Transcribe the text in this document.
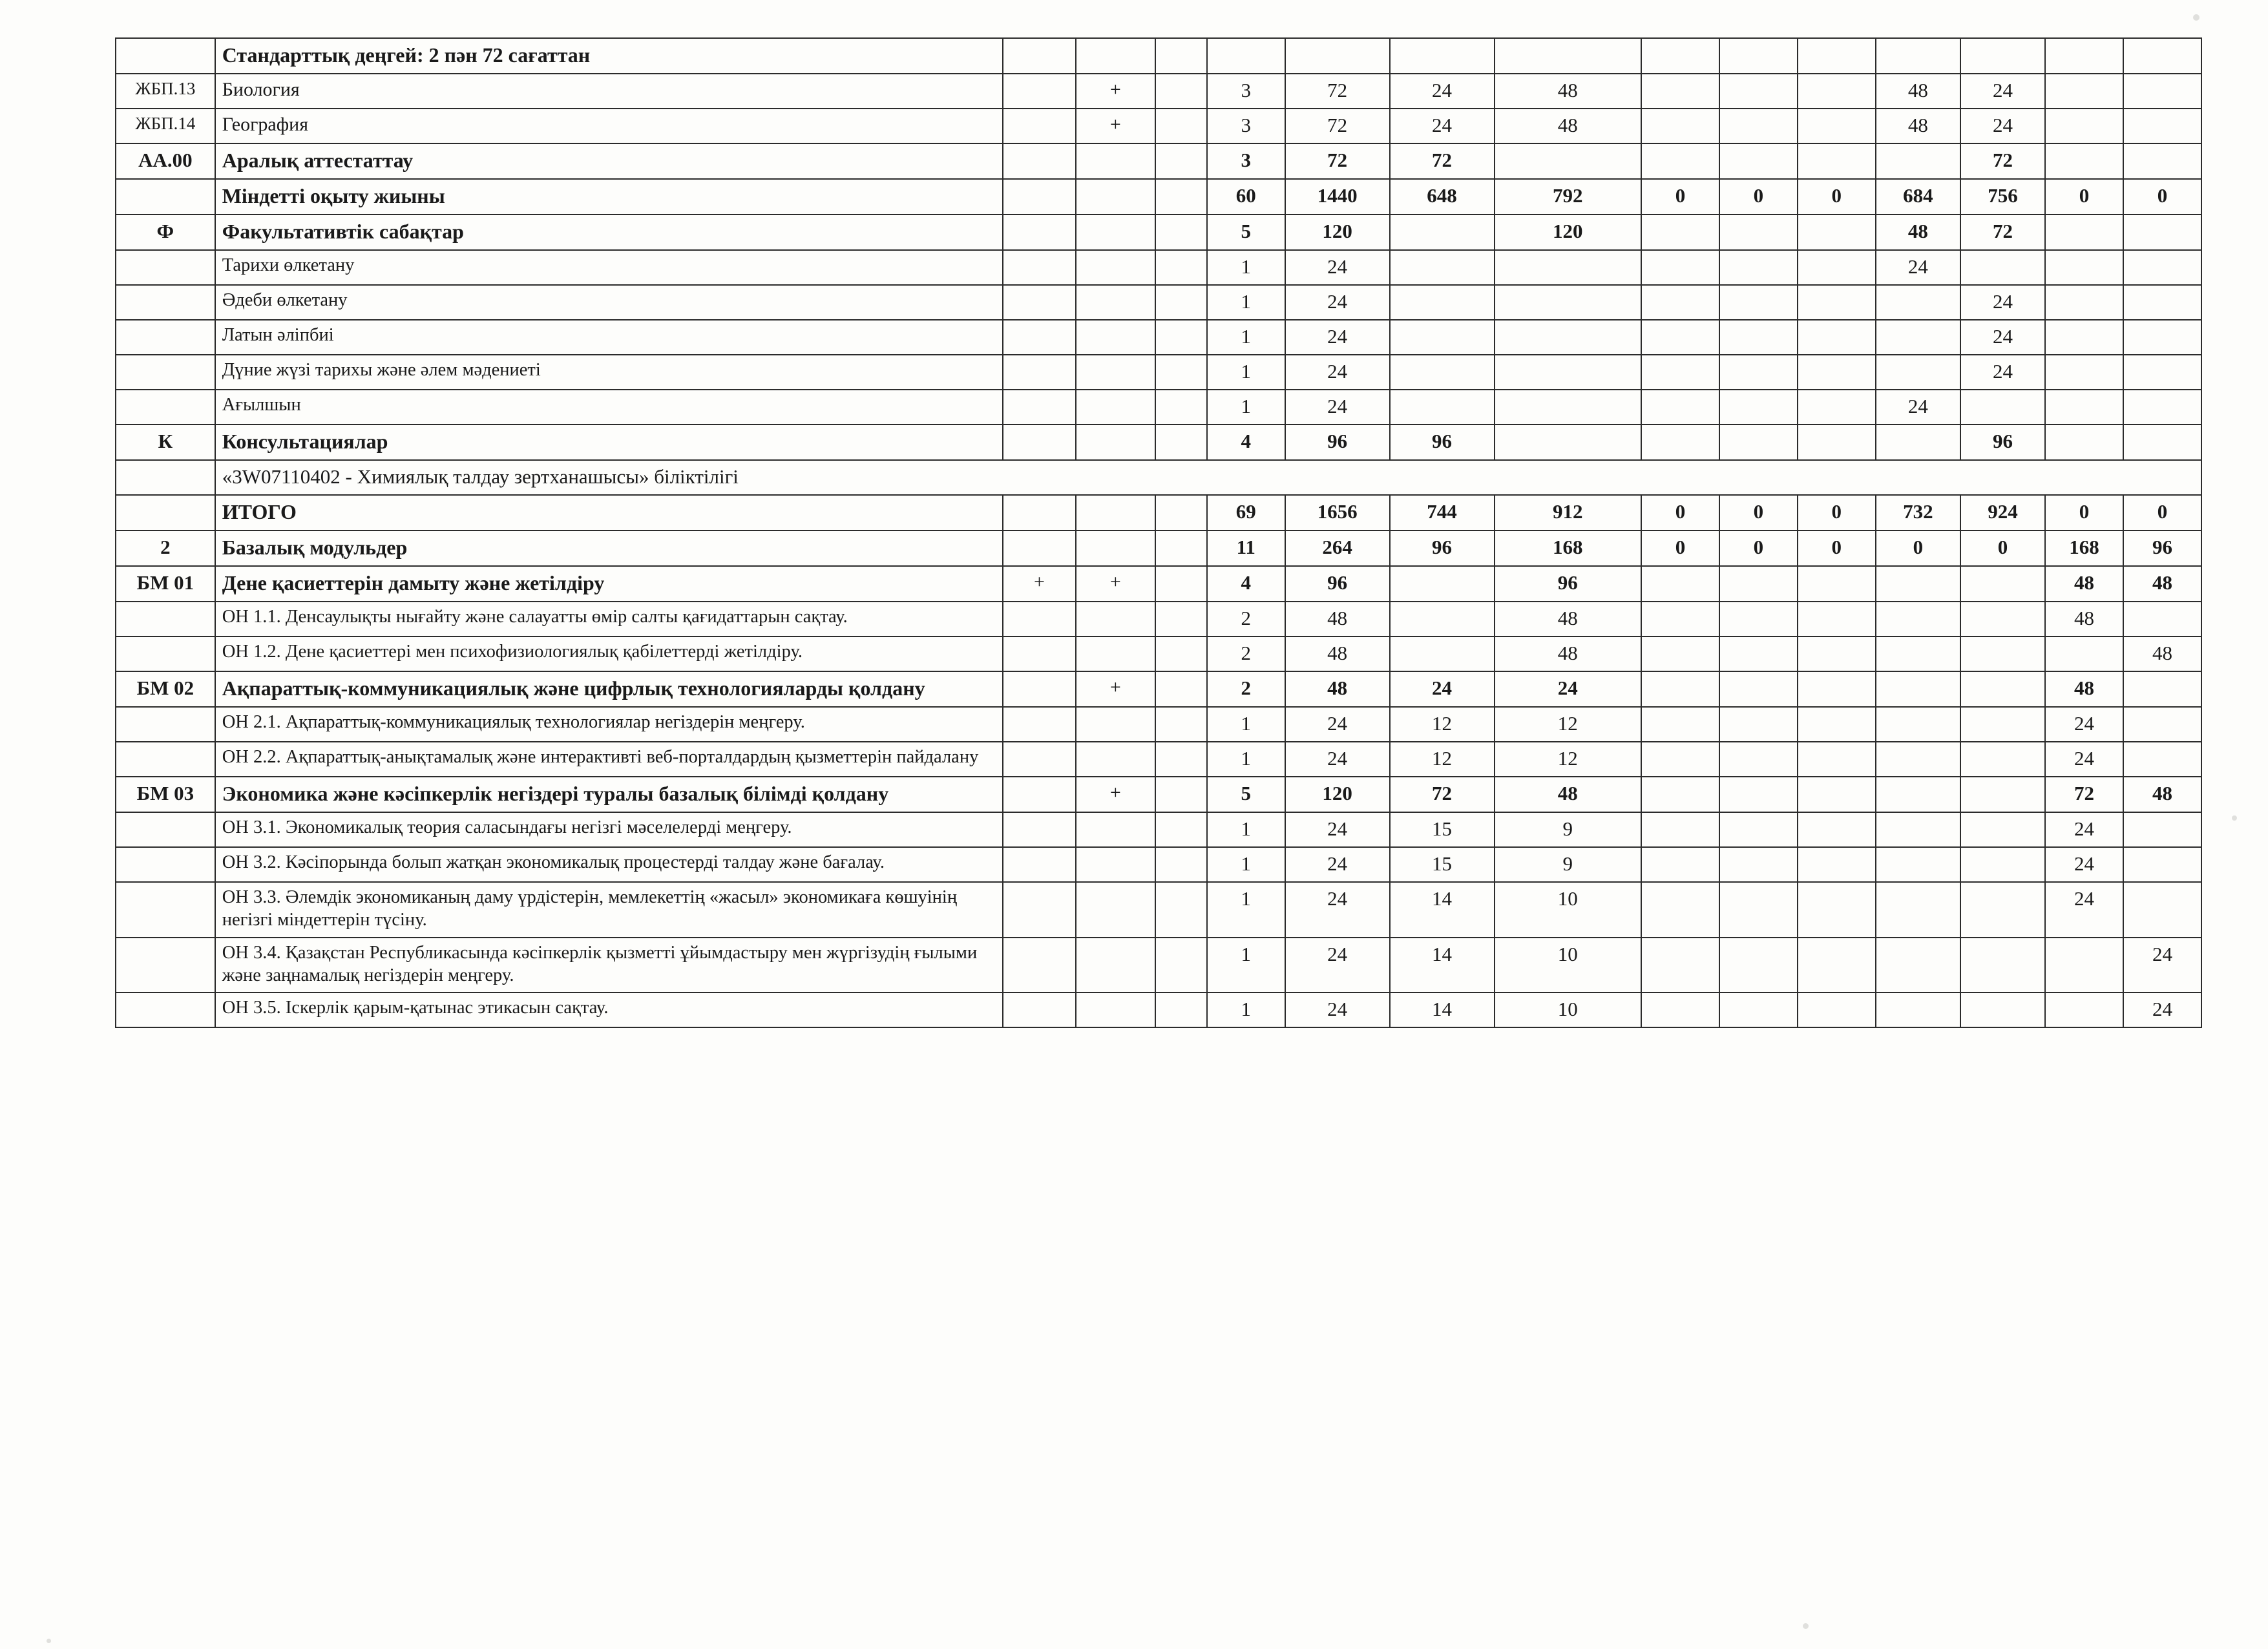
	Стандарттық деңгей: 2 пән 72 сағаттан														
ЖБП.13	Биология		+		3	72	24	48				48	24		
ЖБП.14	География		+		3	72	24	48				48	24		
АА.00	Аралық аттестаттау				3	72	72						72		
	Міндетті оқыту жиыны				60	1440	648	792	0	0	0	684	756	0	0
Ф	Факультативтік сабақтар				5	120		120				48	72		
	Тарихи өлкетану				1	24						24			
	Әдеби өлкетану				1	24							24		
	Латын әліпбиі				1	24							24		
	Дүние жүзі тарихы және әлем мәдениеті				1	24							24		
	Ағылшын				1	24						24			
К	Консультациялар				4	96	96						96		
	«3W07110402 - Химиялық талдау зертханашысы» біліктілігі														
	ИТОГО				69	1656	744	912	0	0	0	732	924	0	0
2	Базалық модульдер				11	264	96	168	0	0	0	0	0	168	96
БМ 01	Дене қасиеттерін дамыту және жетілдіру	+	+		4	96		96						48	48
	ОН 1.1. Денсаулықты нығайту және салауатты өмір салты қағидаттарын сақтау.				2	48		48						48	
	ОН 1.2. Дене қасиеттері мен психофизиологиялық қабілеттерді жетілдіру.				2	48		48							48
БМ 02	Ақпараттық-коммуникациялық және цифрлық технологияларды қолдану		+		2	48	24	24						48	
	ОН 2.1. Ақпараттық-коммуникациялық технологиялар негіздерін меңгеру.				1	24	12	12						24	
	ОН 2.2. Ақпараттық-анықтамалық және интерактивті веб-порталдардың қызметтерін пайдалану				1	24	12	12						24	
БМ 03	Экономика және кәсіпкерлік негіздері туралы базалық білімді қолдану		+		5	120	72	48						72	48
	ОН 3.1. Экономикалық теория саласындағы негізгі мәселелерді меңгеру.				1	24	15	9						24	
	ОН 3.2. Кәсіпорында болып жатқан экономикалық процестерді талдау және бағалау.				1	24	15	9						24	
	ОН 3.3. Әлемдік экономиканың даму үрдістерін, мемлекеттің «жасыл» экономикаға көшуінің негізгі міндеттерін түсіну.				1	24	14	10						24	
	ОН 3.4. Қазақстан Республикасында кәсіпкерлік қызметті ұйымдастыру мен жүргізудің ғылыми және заңнамалық негіздерін меңгеру.				1	24	14	10							24
	ОН 3.5. Іскерлік қарым-қатынас этикасын сақтау.				1	24	14	10							24
